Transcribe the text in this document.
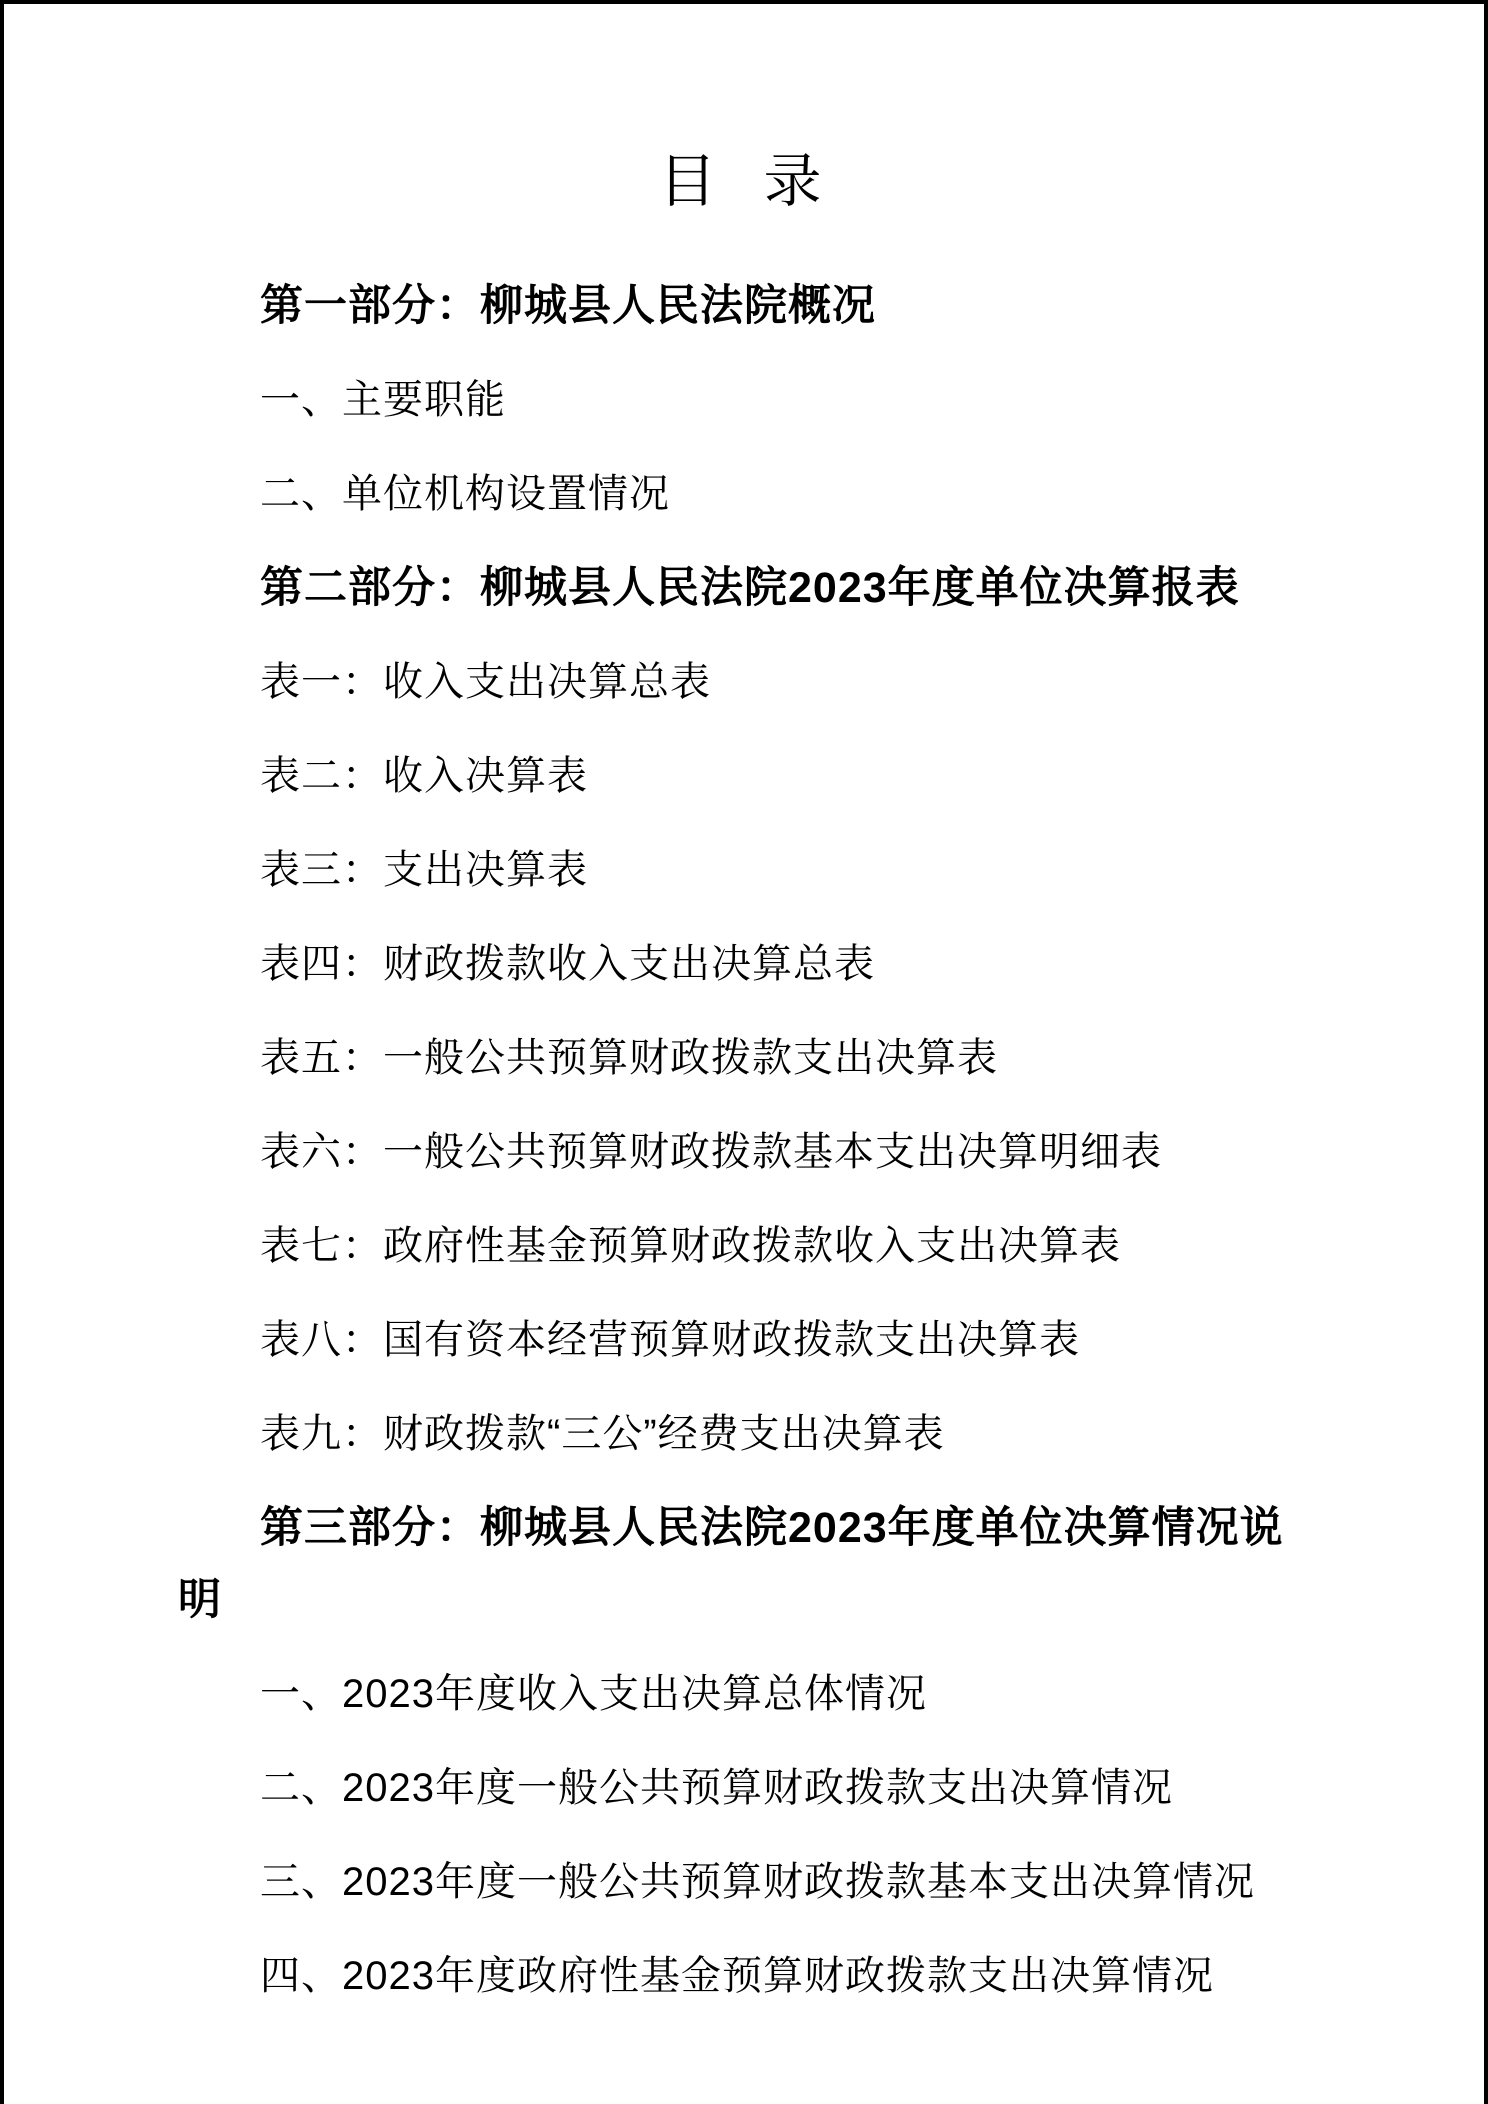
目  录

第一部分：柳城县人民法院概况

一、主要职能

二、单位机构设置情况

第二部分：柳城县人民法院2023年度单位决算报表

表一：收入支出决算总表

表二：收入决算表

表三：支出决算表

表四：财政拨款收入支出决算总表

表五：一般公共预算财政拨款支出决算表

表六：一般公共预算财政拨款基本支出决算明细表

表七：政府性基金预算财政拨款收入支出决算表

表八：国有资本经营预算财政拨款支出决算表

表九：财政拨款“三公”经费支出决算表

第三部分：柳城县人民法院2023年度单位决算情况说
明

一、2023年度收入支出决算总体情况

二、2023年度一般公共预算财政拨款支出决算情况

三、2023年度一般公共预算财政拨款基本支出决算情况

四、2023年度政府性基金预算财政拨款支出决算情况
